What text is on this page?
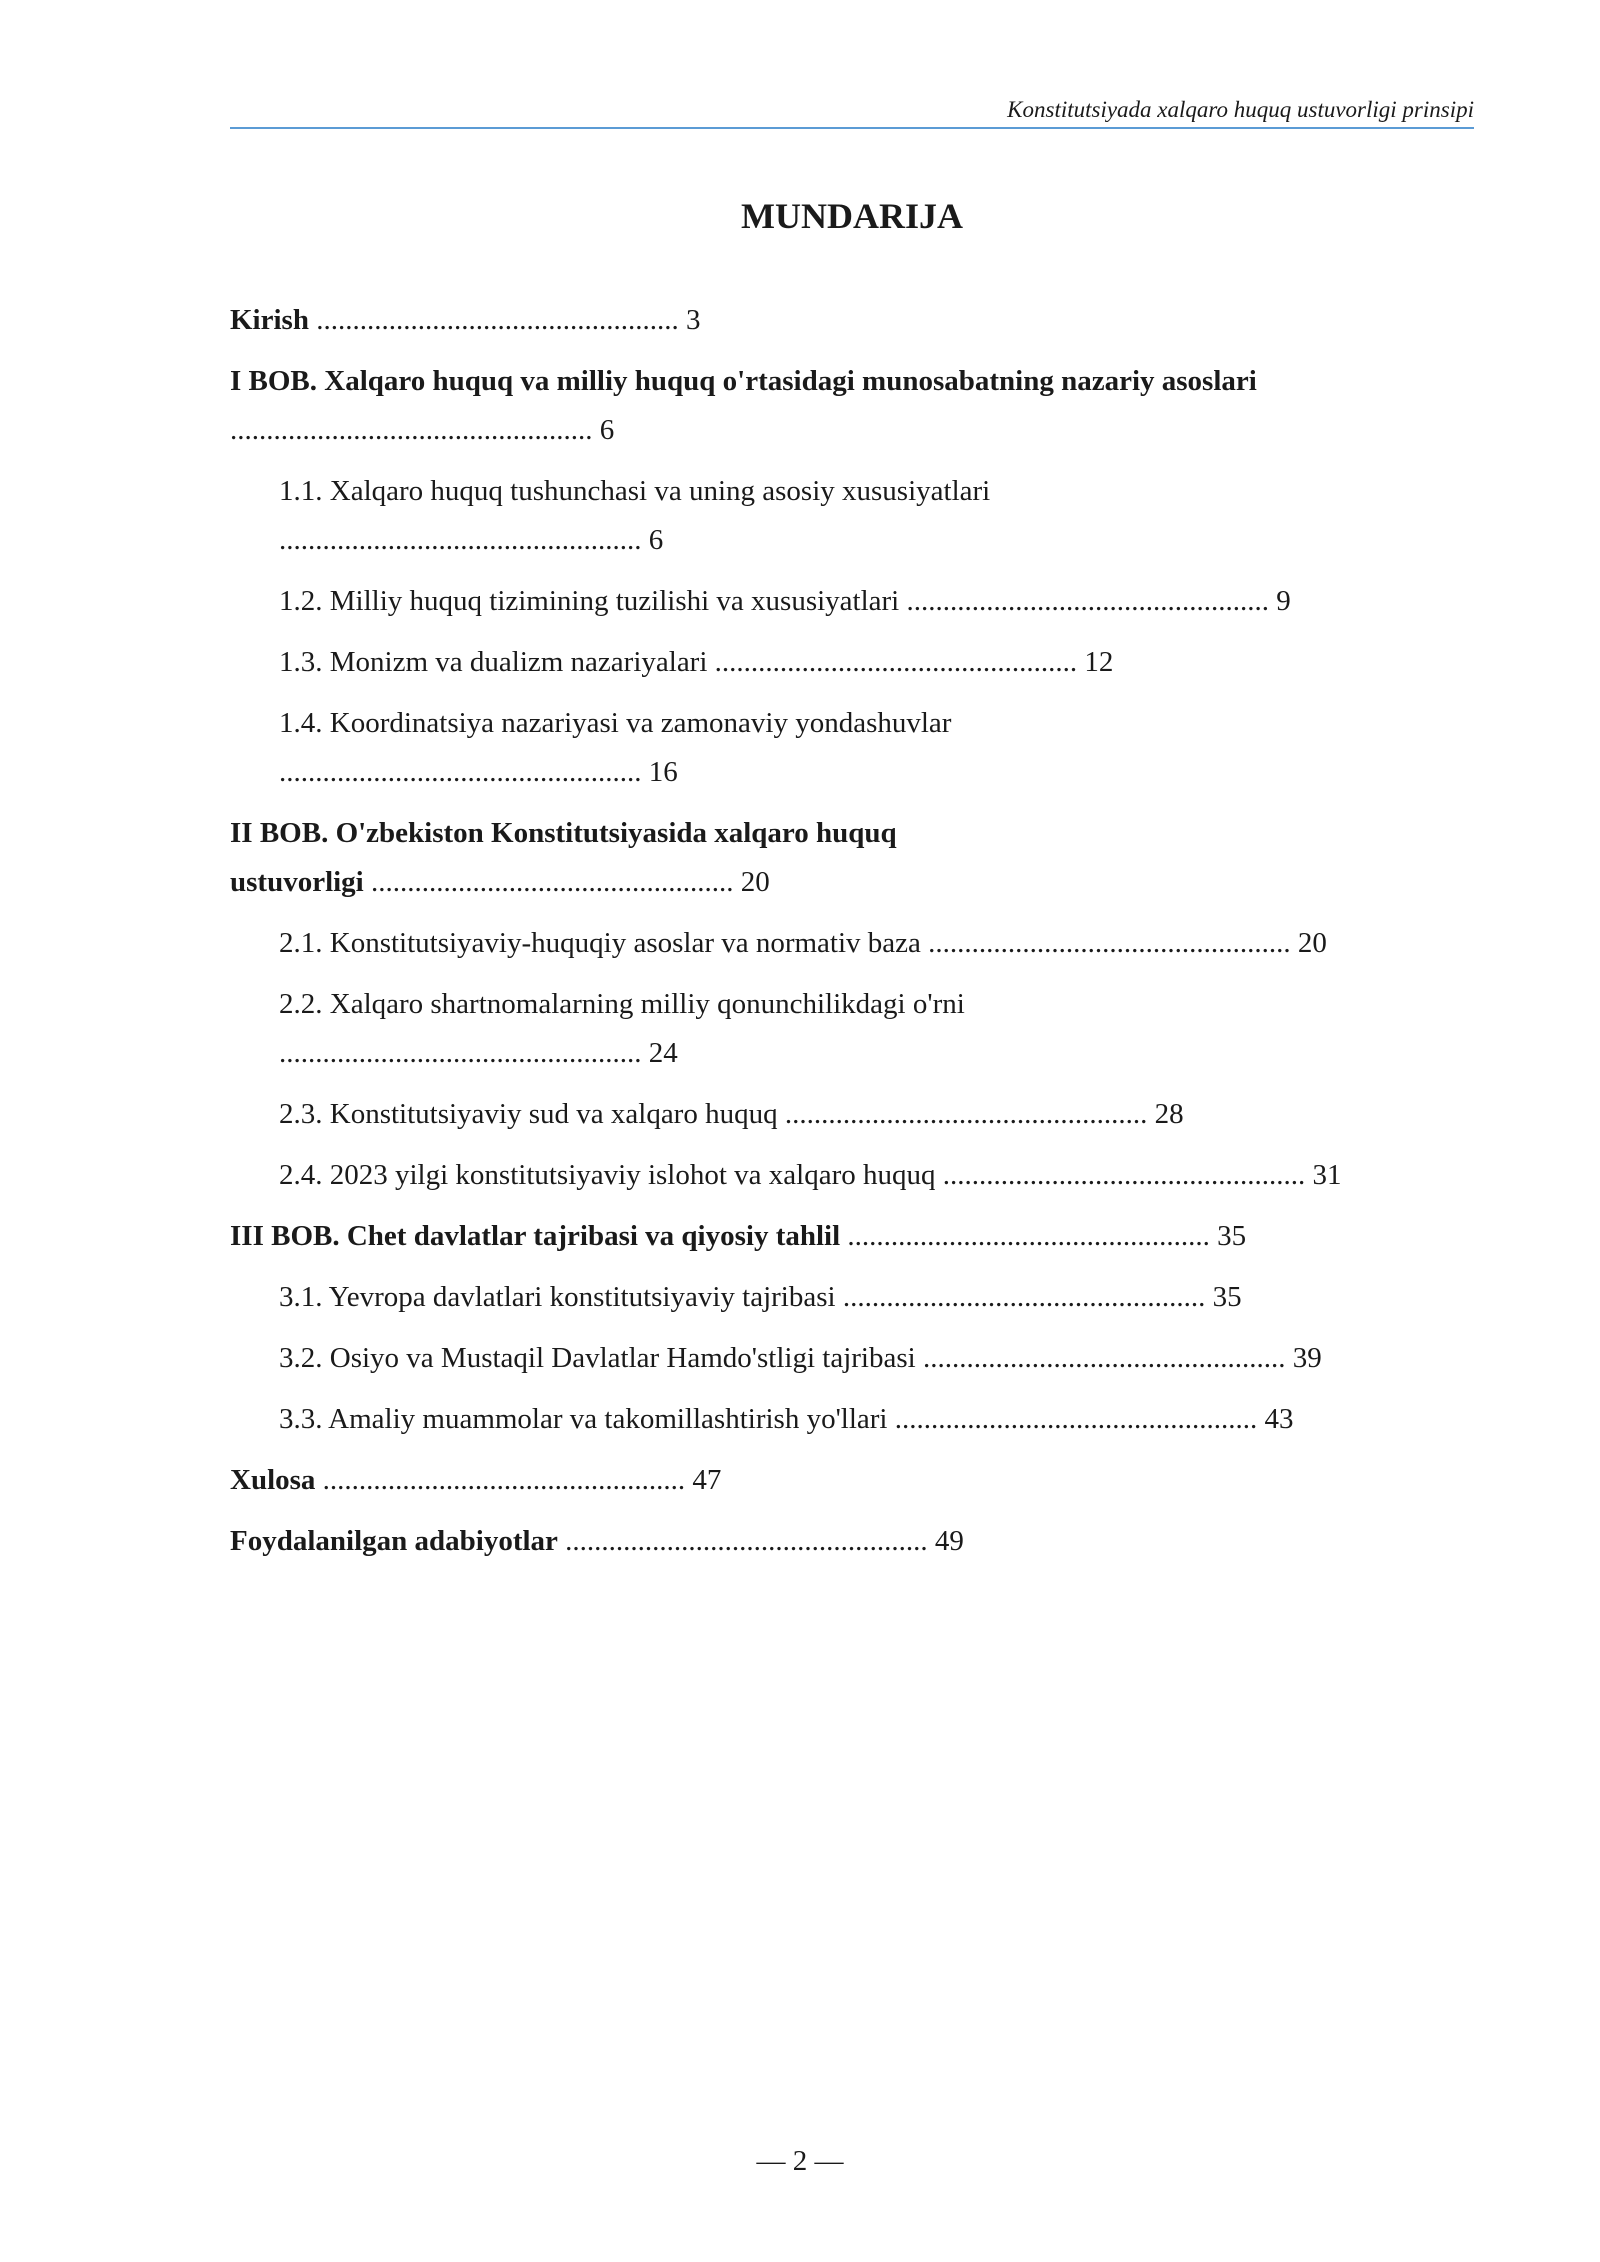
Konstitutsiyada xalqaro huquq ustuvorligi prinsipi
MUNDARIJA
Kirish .................................................. 3
I BOB. Xalqaro huquq va milliy huquq o'rtasidagi munosabatning nazariy asoslari .................................................. 6
1.1. Xalqaro huquq tushunchasi va uning asosiy xususiyatlari .................................................. 6
1.2. Milliy huquq tizimining tuzilishi va xususiyatlari .................................................. 9
1.3. Monizm va dualizm nazariyalari .................................................. 12
1.4. Koordinatsiya nazariyasi va zamonaviy yondashuvlar .................................................. 16
II BOB. O'zbekiston Konstitutsiyasida xalqaro huquq ustuvorligi .................................................. 20
2.1. Konstitutsiyaviy-huquqiy asoslar va normativ baza .................................................. 20
2.2. Xalqaro shartnomalarning milliy qonunchilikdagi o'rni .................................................. 24
2.3. Konstitutsiyaviy sud va xalqaro huquq .................................................. 28
2.4. 2023 yilgi konstitutsiyaviy islohot va xalqaro huquq .................................................. 31
III BOB. Chet davlatlar tajribasi va qiyosiy tahlil .................................................. 35
3.1. Yevropa davlatlari konstitutsiyaviy tajribasi .................................................. 35
3.2. Osiyo va Mustaqil Davlatlar Hamdo'stligi tajribasi .................................................. 39
3.3. Amaliy muammolar va takomillashtirish yo'llari .................................................. 43
Xulosa .................................................. 47
Foydalanilgan adabiyotlar .................................................. 49
— 2 —
